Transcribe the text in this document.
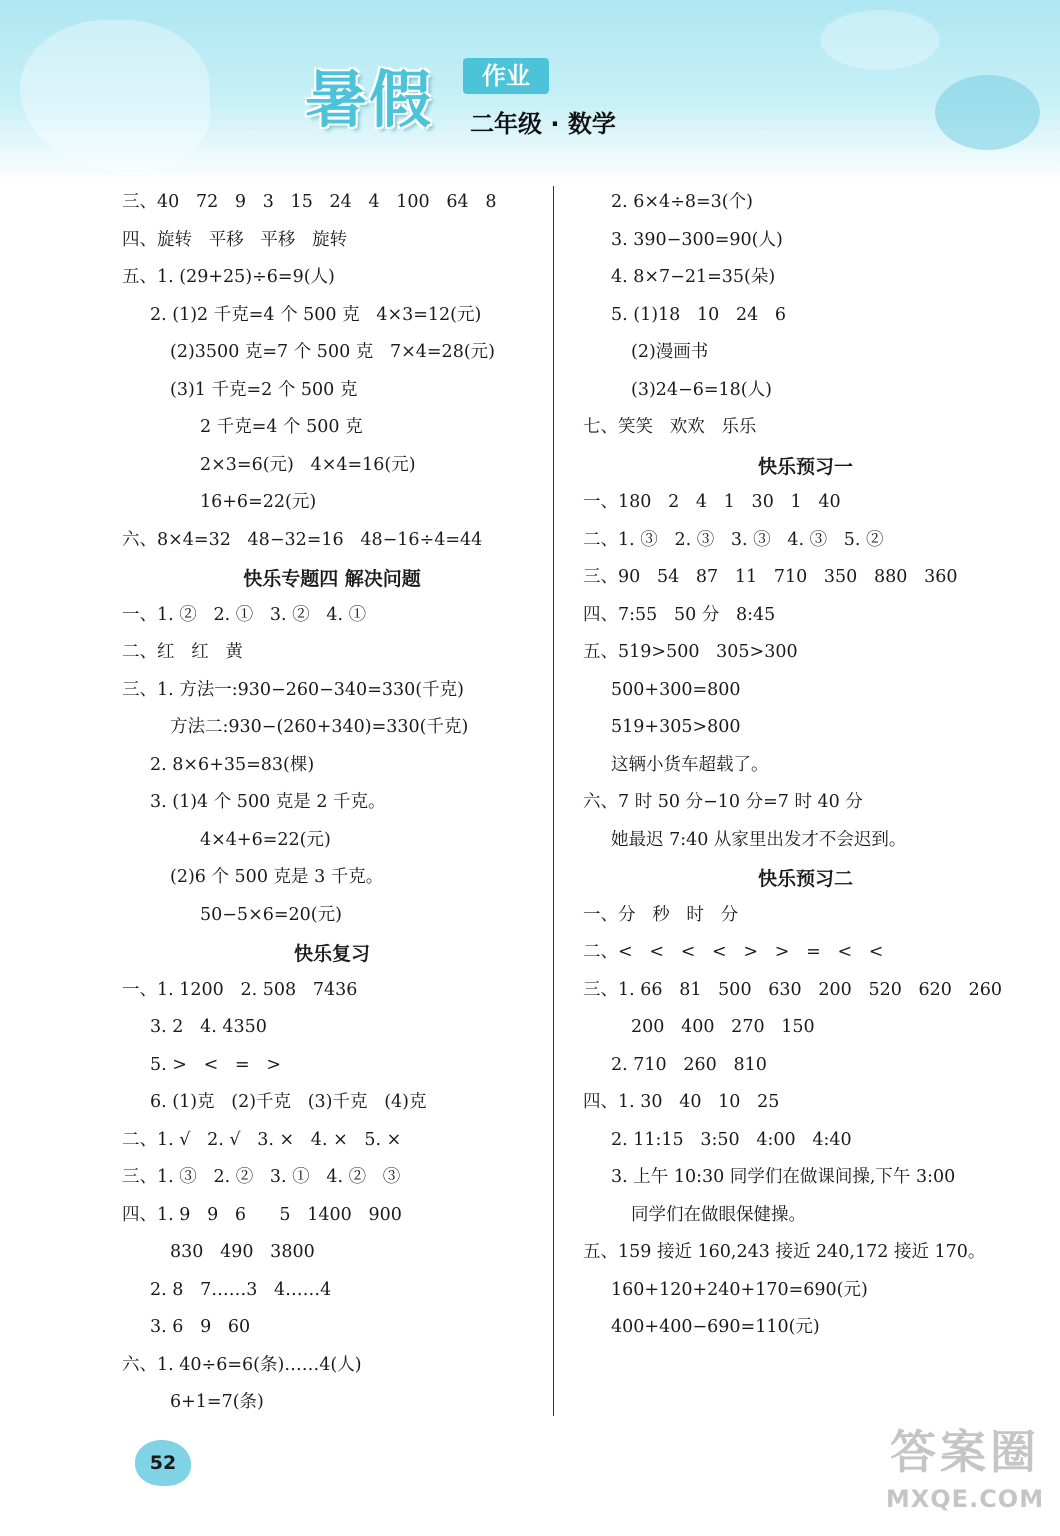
暑假	作业
二年级 · 数学
三、40   72   9   3   15   24   4   100   64   8
四、旋转   平移   平移   旋转
五、1. (29+25)÷6=9(人)
2. (1)2 千克=4 个 500 克   4×3=12(元)
(2)3500 克=7 个 500 克   7×4=28(元)
(3)1 千克=2 个 500 克
2 千克=4 个 500 克
2×3=6(元)   4×4=16(元)
16+6=22(元)
六、8×4=32   48−32=16   48−16÷4=44
快乐专题四 解决问题
一、1. ②   2. ①   3. ②   4. ①
二、红   红   黄
三、1. 方法一:930−260−340=330(千克)
方法二:930−(260+340)=330(千克)
2. 8×6+35=83(棵)
3. (1)4 个 500 克是 2 千克。
4×4+6=22(元)
(2)6 个 500 克是 3 千克。
50−5×6=20(元)
快乐复习
一、1. 1200   2. 508   7436
3. 2   4. 4350
5. >   <   =   >
6. (1)克   (2)千克   (3)千克   (4)克
二、1. √   2. √   3. ×   4. ×   5. ×
三、1. ③   2. ②   3. ①   4. ②   ③
四、1. 9   9   6      5   1400   900
830   490   3800
2. 8   7……3   4……4
3. 6   9   60
六、1. 40÷6=6(条)……4(人)
6+1=7(条)
2. 6×4÷8=3(个)
3. 390−300=90(人)
4. 8×7−21=35(朵)
5. (1)18   10   24   6
(2)漫画书
(3)24−6=18(人)
七、笑笑   欢欢   乐乐
快乐预习一
一、180   2   4   1   30   1   40
二、1. ③   2. ③   3. ③   4. ③   5. ②
三、90   54   87   11   710   350   880   360
四、7:55   50 分   8:45
五、519>500   305>300
500+300=800
519+305>800
这辆小货车超载了。
六、7 时 50 分−10 分=7 时 40 分
她最迟 7:40 从家里出发才不会迟到。
快乐预习二
一、分   秒   时   分
二、<   <   <   <   >   >   =   <   <
三、1. 66   81   500   630   200   520   620   260
200   400   270   150
2. 710   260   810
四、1. 30   40   10   25
2. 11:15   3:50   4:00   4:40
3. 上午 10:30 同学们在做课间操,下午 3:00
同学们在做眼保健操。
五、159 接近 160,243 接近 240,172 接近 170。
160+120+240+170=690(元)
400+400−690=110(元)
52	答案圈
MXQE.COM
